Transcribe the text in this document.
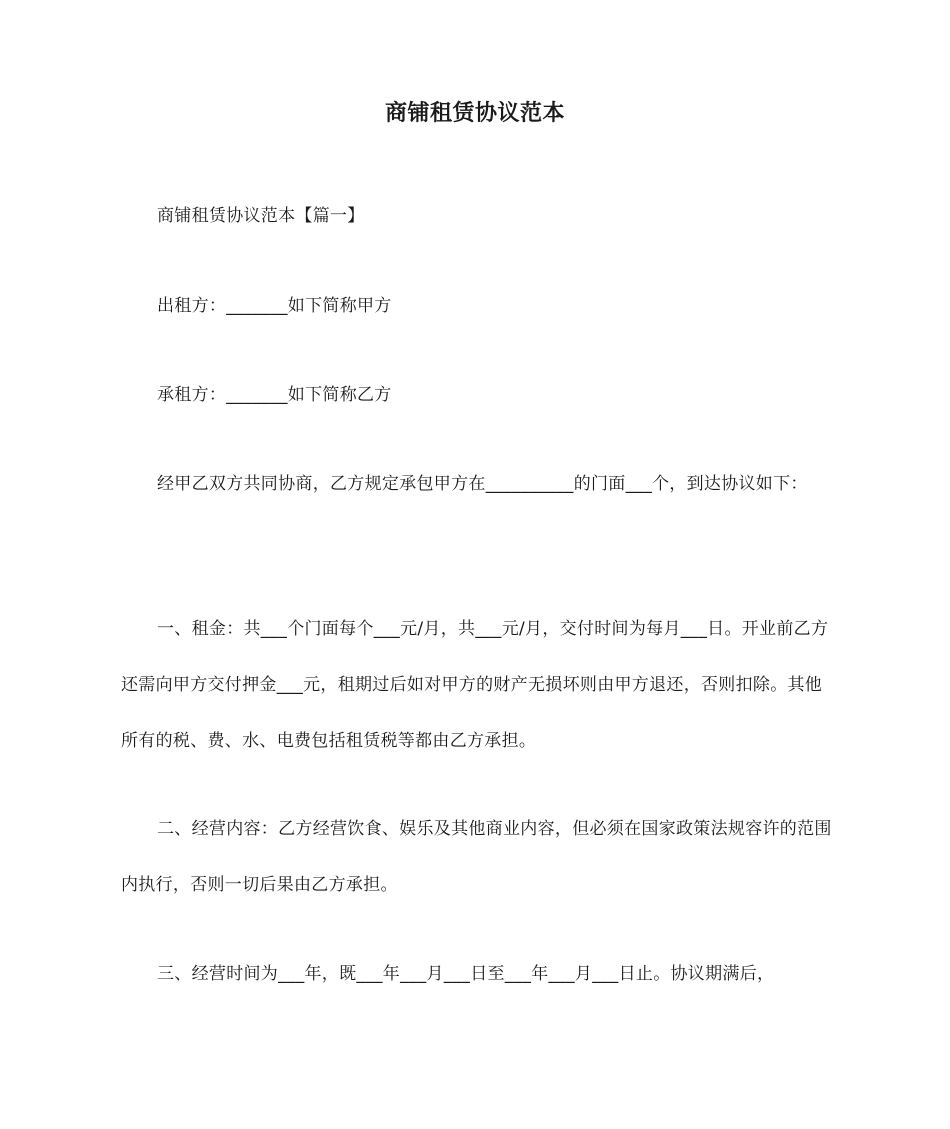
商铺租赁协议范本

商铺租赁协议范本【篇一】

出租方：_______如下简称甲方

承租方：_______如下简称乙方

经甲乙双方共同协商，乙方规定承包甲方在__________的门面___个，到达协议如下：

一、租金：共___个门面每个___元/月，共___元/月，交付时间为每月___日。开业前乙方还需向甲方交付押金___元，租期过后如对甲方的财产无损坏则由甲方退还，否则扣除。其他所有的税、费、水、电费包括租赁税等都由乙方承担。

二、经营内容：乙方经营饮食、娱乐及其他商业内容，但必须在国家政策法规容许的范围内执行，否则一切后果由乙方承担。

三、经营时间为___年，既___年___月___日至___年___月___日止。协议期满后，
